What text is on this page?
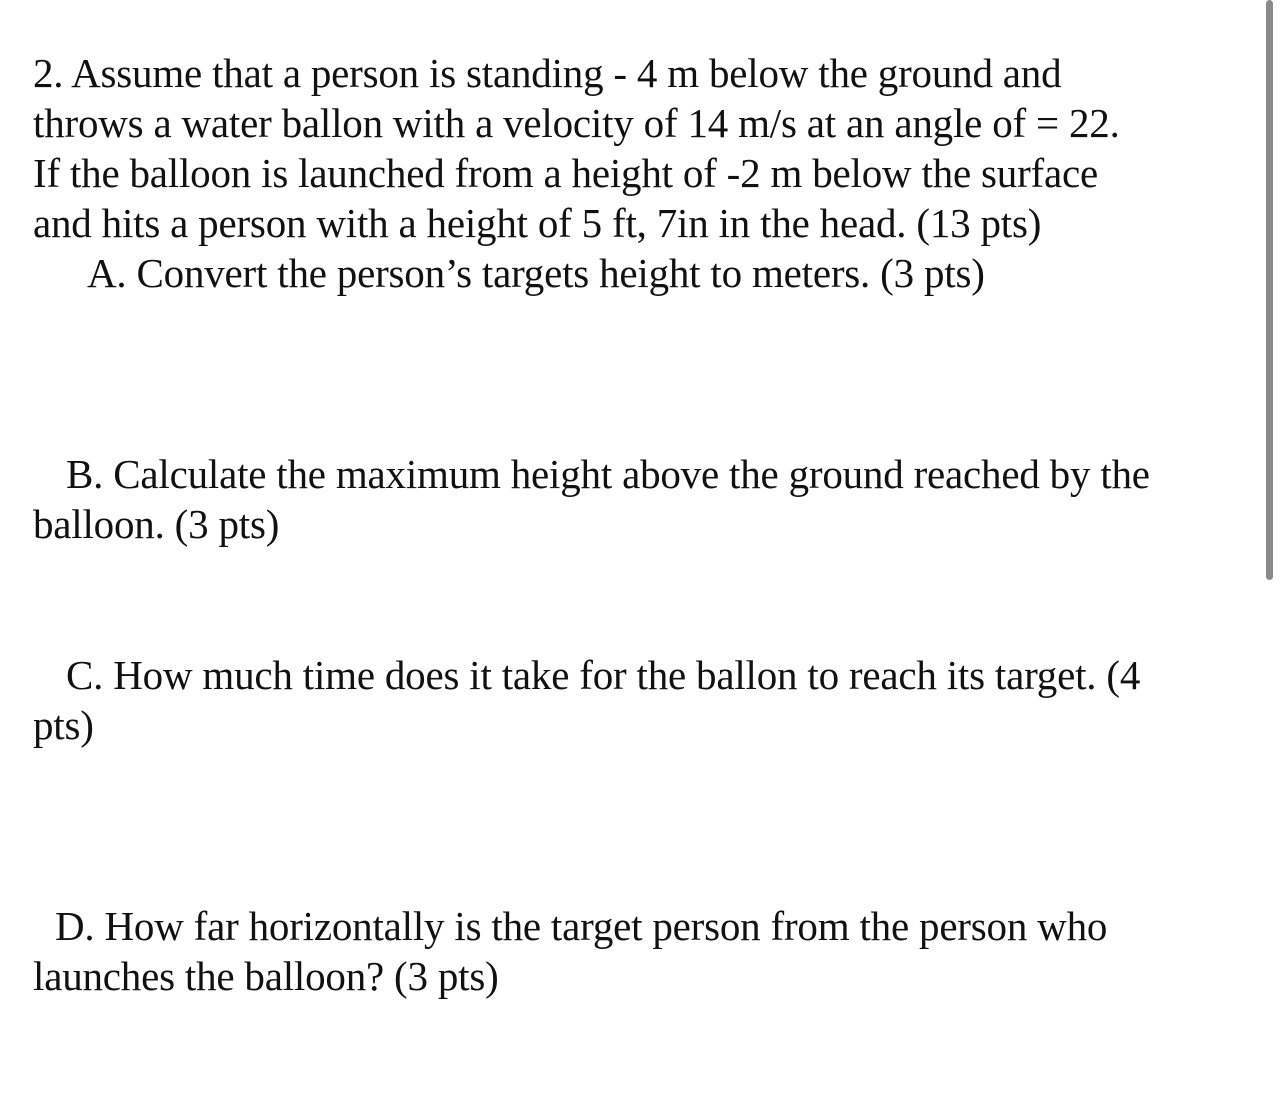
2. Assume that a person is standing - 4 m below the ground and
throws a water ballon with a velocity of 14 m/s at an angle of = 22.
If the balloon is launched from a height of -2 m below the surface
and hits a person with a height of 5 ft, 7in in the head. (13 pts)
A. Convert the person’s targets height to meters. (3 pts)
B. Calculate the maximum height above the ground reached by the
balloon. (3 pts)
C. How much time does it take for the ballon to reach its target. (4
pts)
D. How far horizontally is the target person from the person who
launches the balloon? (3 pts)
